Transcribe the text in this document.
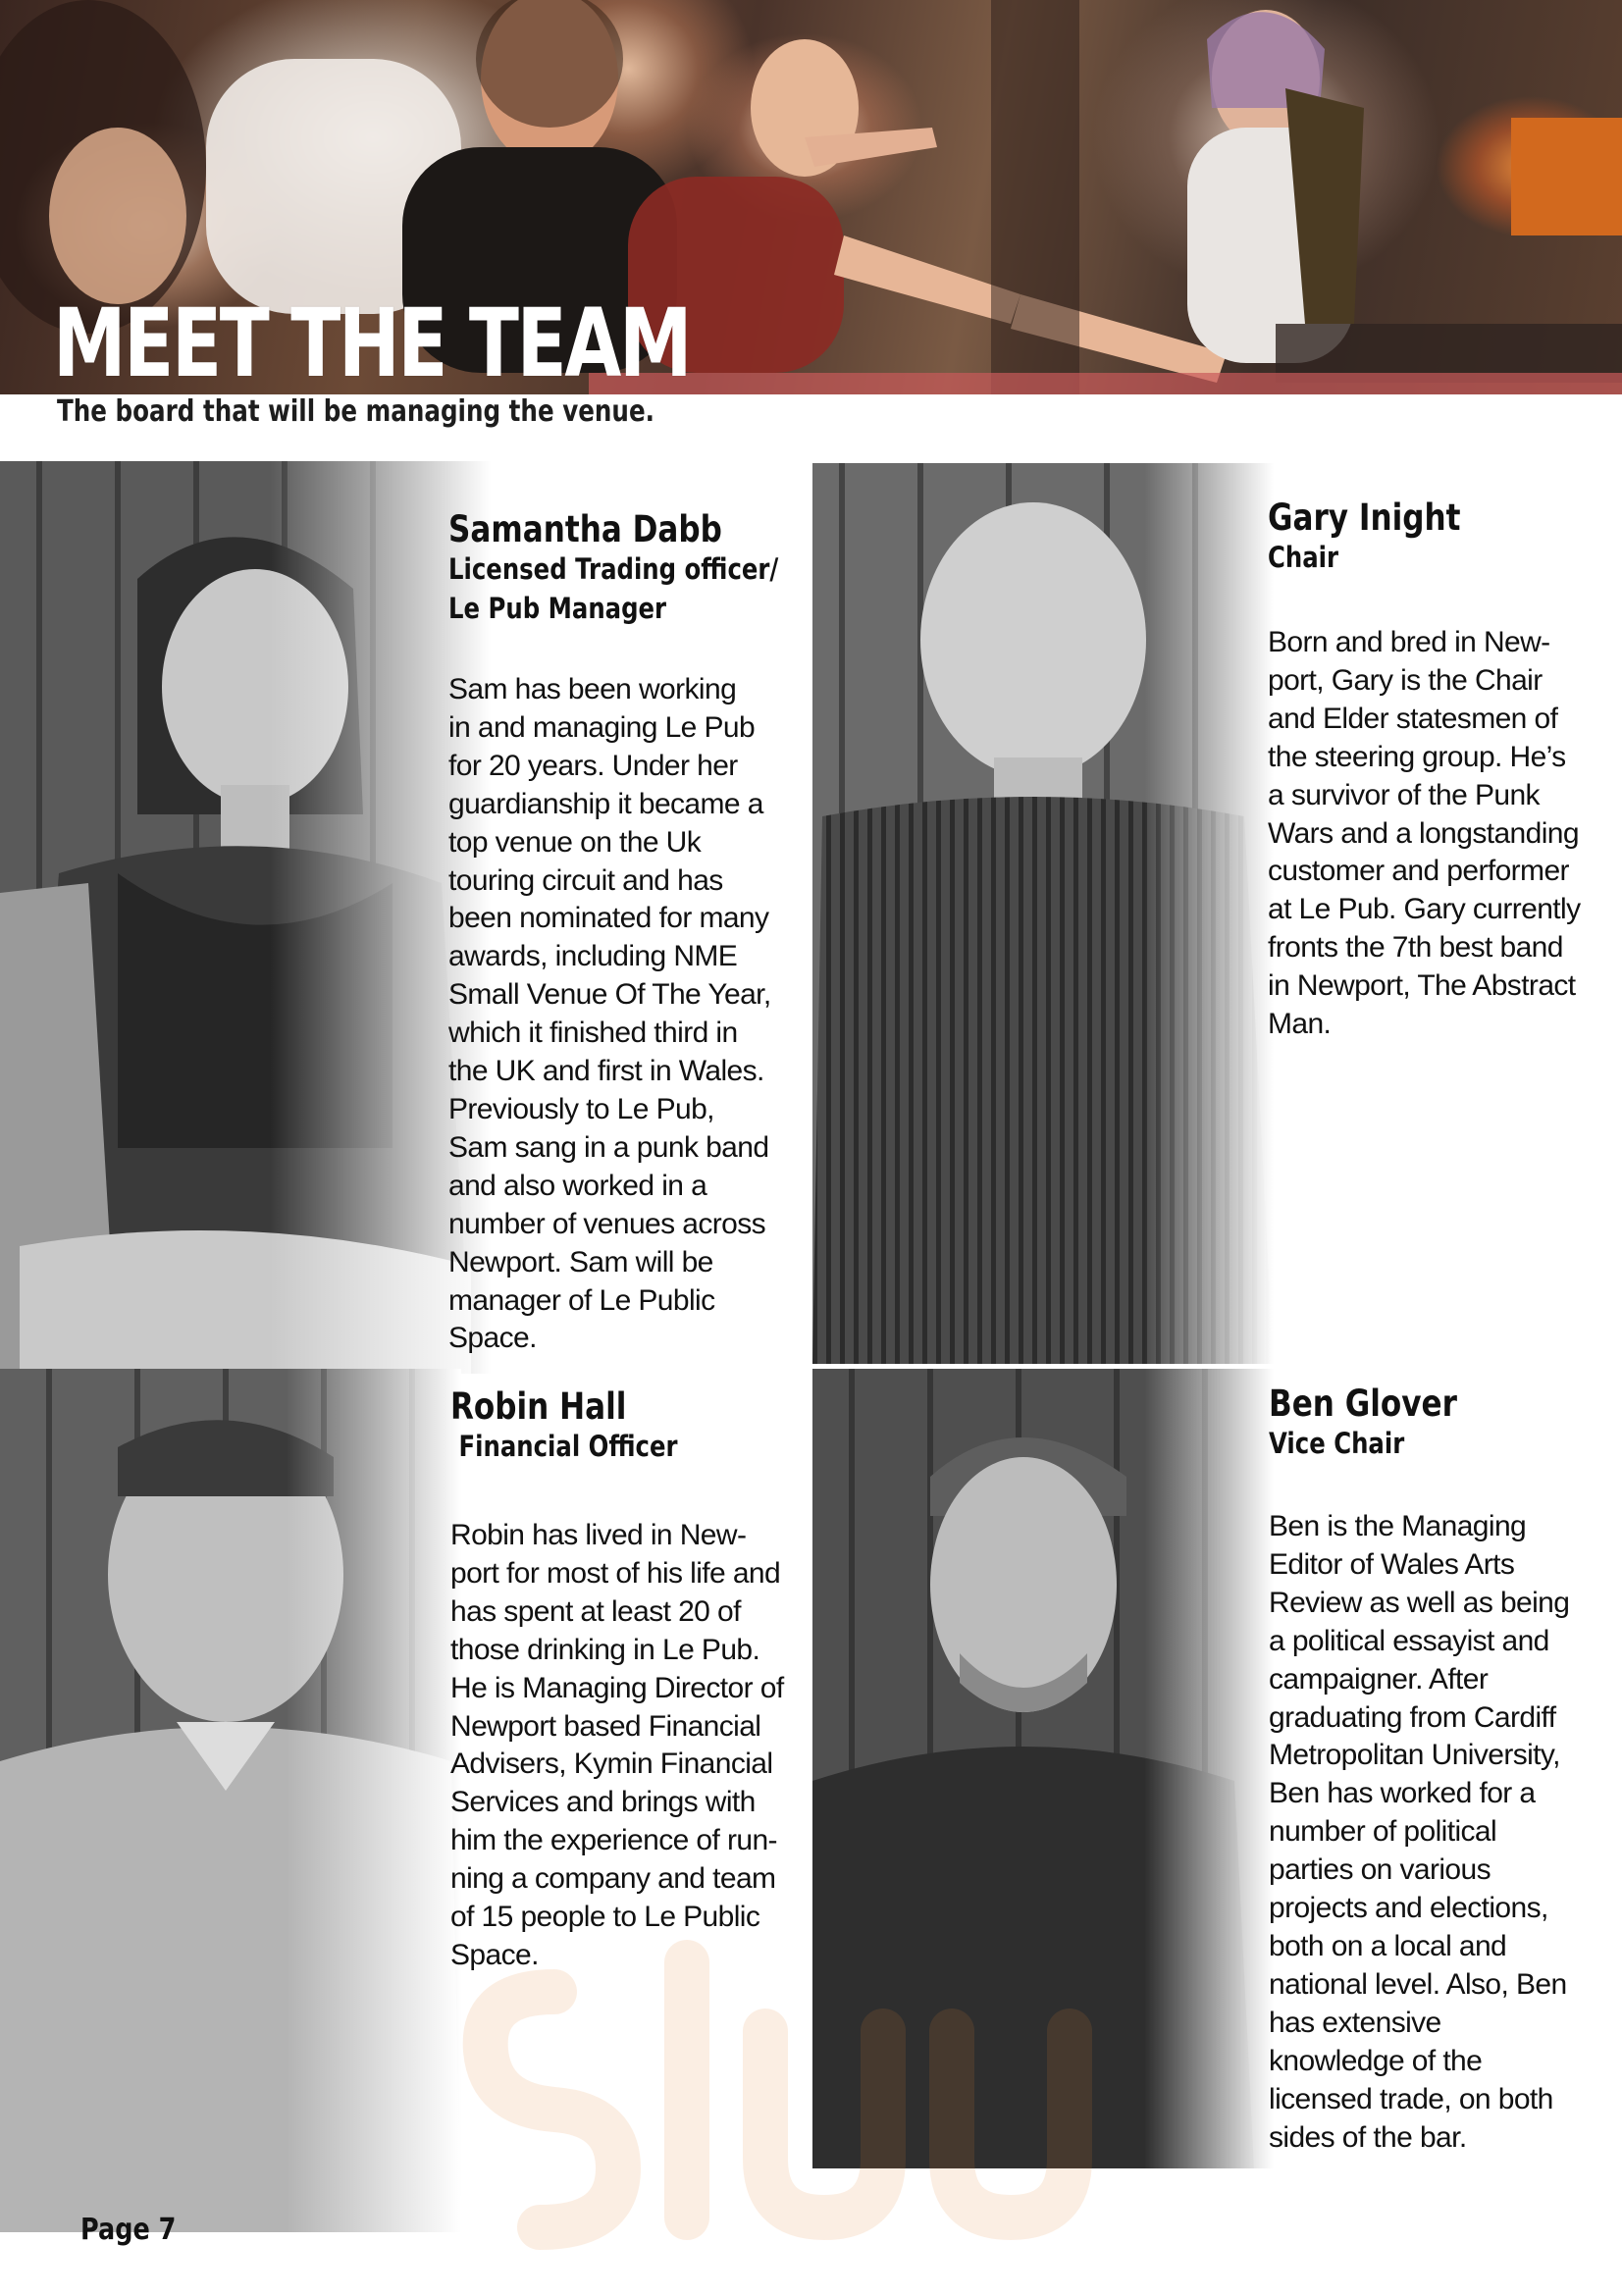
MEET THE TEAM
The board that will be managing the venue.
Samantha Dabb
Licensed Trading officer/
Le Pub Manager

Sam has been working
in and managing Le Pub
for 20 years. Under her
guardianship it became a
top venue on the Uk
touring circuit and has
been nominated for many
awards, including NME
Small Venue Of The Year,
which it finished third in
the UK and first in Wales.
Previously to Le Pub,
Sam sang in a punk band
and also worked in a
number of venues across
Newport. Sam will be
manager of Le Public
Space.

Gary Inight
Chair

Born and bred in New-
port, Gary is the Chair
and Elder statesmen of
the steering group. He’s
a survivor of the Punk
Wars and a longstanding
customer and performer
at Le Pub. Gary currently
fronts the 7th best band
in Newport, The Abstract
Man.

Robin Hall
Financial Officer

Robin has lived in New-
port for most of his life and
has spent at least 20 of
those drinking in Le Pub.
He is Managing Director of
Newport based Financial
Advisers, Kymin Financial
Services and brings with
him the experience of run-
ning a company and team
of 15 people to Le Public
Space.

Ben Glover
Vice Chair

Ben is the Managing
Editor of Wales Arts
Review as well as being
a political essayist and
campaigner. After
graduating from Cardiff
Metropolitan University,
Ben has worked for a
number of political
parties on various
projects and elections,
both on a local and
national level. Also, Ben
has extensive
knowledge of the
licensed trade, on both
sides of the bar.

Page 7
